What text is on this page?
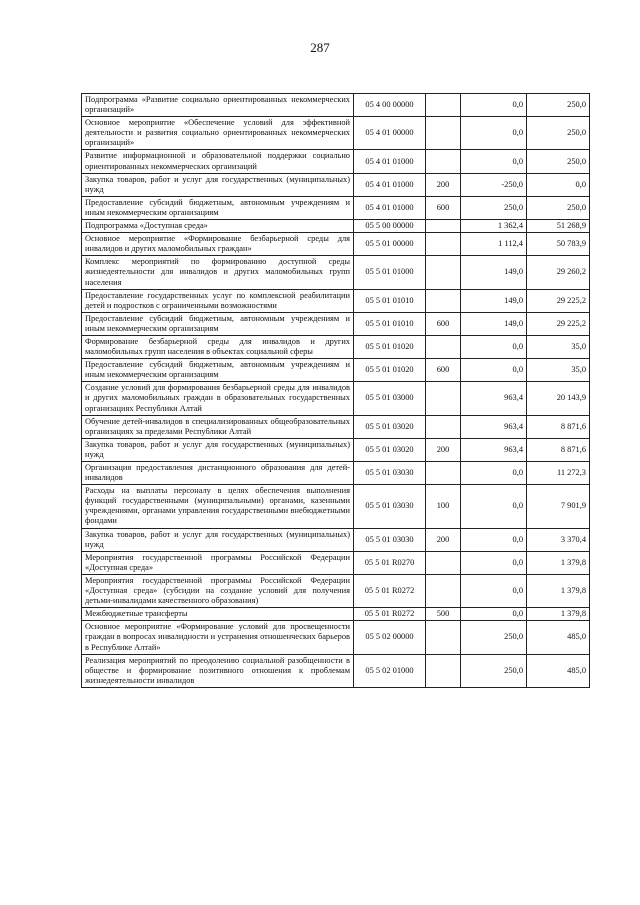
287
Подпрограмма «Развитие социально ориентированных некоммерческих организаций»	05 4 00 00000		0,0	250,0
Основное мероприятие «Обеспечение условий для эффективной деятельности и развития социально ориентированных некоммерческих организаций»	05 4 01 00000		0,0	250,0
Развитие информационной и образовательной поддержки социально ориентированных некоммерческих организаций	05 4 01 01000		0,0	250,0
Закупка товаров, работ и услуг для государственных (муниципальных) нужд	05 4 01 01000	200	-250,0	0,0
Предоставление субсидий бюджетным, автономным учреждениям и иным некоммерческим организациям	05 4 01 01000	600	250,0	250,0
Подпрограмма «Доступная среда»	05 5 00 00000		1 362,4	51 268,9
Основное мероприятие «Формирование безбарьерной среды для инвалидов и других маломобильных граждан»	05 5 01 00000		1 112,4	50 783,9
Комплекс мероприятий по формированию доступной среды жизнедеятельности для инвалидов и других маломобильных групп населения	05 5 01 01000		149,0	29 260,2
Предоставление государственных услуг по комплексной реабилитации детей и подростков с ограниченными возможностями	05 5 01 01010		149,0	29 225,2
Предоставление субсидий бюджетным, автономным учреждениям и иным некоммерческим организациям	05 5 01 01010	600	149,0	29 225,2
Формирование безбарьерной среды для инвалидов и других маломобильных групп населения в объектах социальной сферы	05 5 01 01020		0,0	35,0
Предоставление субсидий бюджетным, автономным учреждениям и иным некоммерческим организациям	05 5 01 01020	600	0,0	35,0
Создание условий для формирования безбарьерной среды для инвалидов и других маломобильных граждан в образовательных государственных организациях Республики Алтай	05 5 01 03000		963,4	20 143,9
Обучение детей-инвалидов в специализированных общеобразовательных организациях за пределами Республики Алтай	05 5 01 03020		963,4	8 871,6
Закупка товаров, работ и услуг для государственных (муниципальных) нужд	05 5 01 03020	200	963,4	8 871,6
Организация предоставления дистанционного образования для детей-инвалидов	05 5 01 03030		0,0	11 272,3
Расходы на выплаты персоналу в целях обеспечения выполнения функций государственными (муниципальными) органами, казенными учреждениями, органами управления государственными внебюджетными фондами	05 5 01 03030	100	0,0	7 901,9
Закупка товаров, работ и услуг для государственных (муниципальных) нужд	05 5 01 03030	200	0,0	3 370,4
Мероприятия государственной программы Российской Федерации «Доступная среда»	05 5 01 R0270		0,0	1 379,8
Мероприятия государственной программы Российской Федерации «Доступная среда» (субсидии на создание условий для получения детьми-инвалидами качественного образования)	05 5 01 R0272		0,0	1 379,8
Межбюджетные трансферты	05 5 01 R0272	500	0,0	1 379,8
Основное мероприятие «Формирование условий для просвещенности граждан в вопросах инвалидности и устранения отношенческих барьеров в Республике Алтай»	05 5 02 00000		250,0	485,0
Реализация мероприятий по преодолению социальной разобщенности в обществе и формирование позитивного отношения к проблемам жизнедеятельности инвалидов	05 5 02 01000		250,0	485,0
